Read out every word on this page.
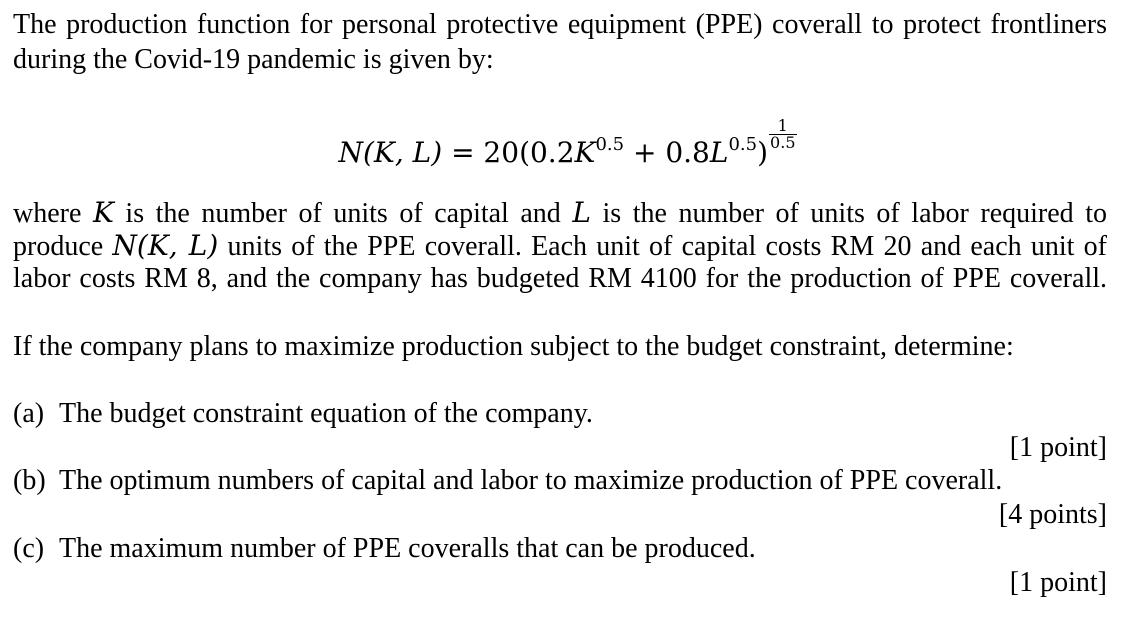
The production function for personal protective equipment (PPE) coverall to protect frontliners
during the Covid-19 pandemic is given by:
N(K, $L) = 20(0.2K^{0.5} + 0.8L^{0.5})$
$\frac{1}{0.5}$
where K is the number of units of capital and L is the number of units of labor required to
produce N(K, L) units of the PPE coverall. Each unit of capital costs RM 20 and each unit of
labor costs RM 8, and the company has budgeted RM 4100 for the production of PPE coverall.
If the company plans to maximize production subject to the budget constraint, determine:
(a) The budget constraint equation of the company.
[1 point]
(b) The optimum numbers of capital and labor to maximize production of PPE coverall.
[4 points]
(c) The maximum number of PPE coveralls that can be produced.
[1 point]
